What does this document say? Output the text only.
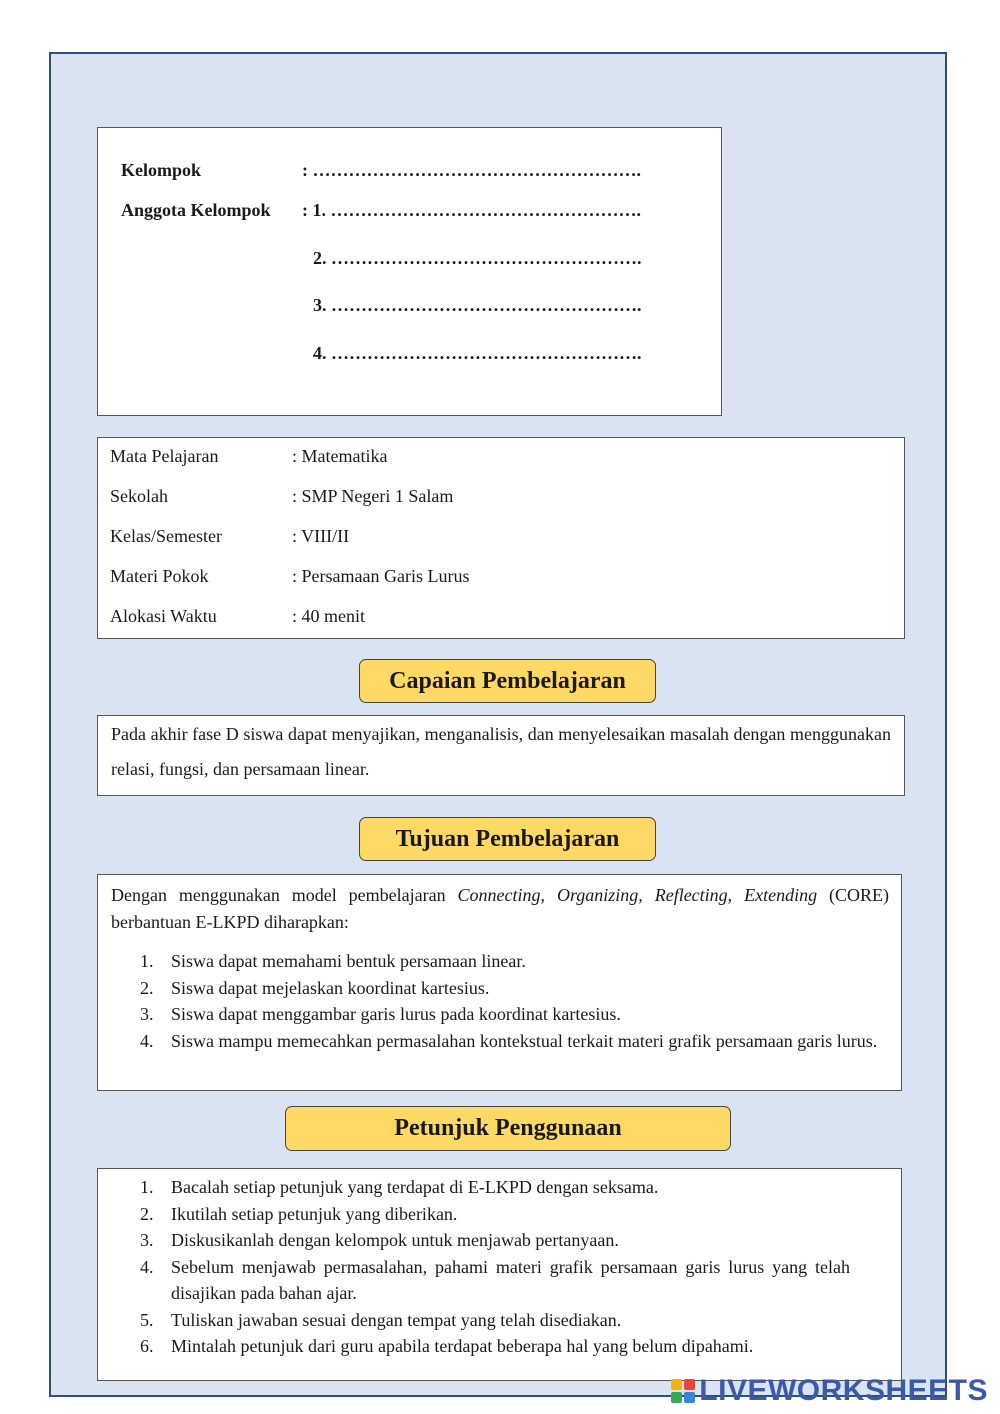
Kelompok	: ……………………………………………….
Anggota Kelompok : 1. …………………………………………….
2. …………………………………………….
3. …………………………………………….
4. …………………………………………….
Mata Pelajaran	: Matematika
Sekolah	: SMP Negeri 1 Salam
Kelas/Semester	: VIII/II
Materi Pokok	: Persamaan Garis Lurus
Alokasi Waktu	: 40 menit
Capaian Pembelajaran
Pada akhir fase D siswa dapat menyajikan, menganalisis, dan menyelesaikan masalah dengan menggunakan relasi, fungsi, dan persamaan linear.
Tujuan Pembelajaran
Dengan menggunakan model pembelajaran Connecting, Organizing, Reflecting, Extending (CORE) berbantuan E-LKPD diharapkan:
1. Siswa dapat memahami bentuk persamaan linear.
2. Siswa dapat mejelaskan koordinat kartesius.
3. Siswa dapat menggambar garis lurus pada koordinat kartesius.
4. Siswa mampu memecahkan permasalahan kontekstual terkait materi grafik persamaan garis lurus.
Petunjuk Penggunaan
1. Bacalah setiap petunjuk yang terdapat di E-LKPD dengan seksama.
2. Ikutilah setiap petunjuk yang diberikan.
3. Diskusikanlah dengan kelompok untuk menjawab pertanyaan.
4. Sebelum menjawab permasalahan, pahami materi grafik persamaan garis lurus yang telah disajikan pada bahan ajar.
5. Tuliskan jawaban sesuai dengan tempat yang telah disediakan.
6. Mintalah petunjuk dari guru apabila terdapat beberapa hal yang belum dipahami.
LIVEWORKSHEETS
